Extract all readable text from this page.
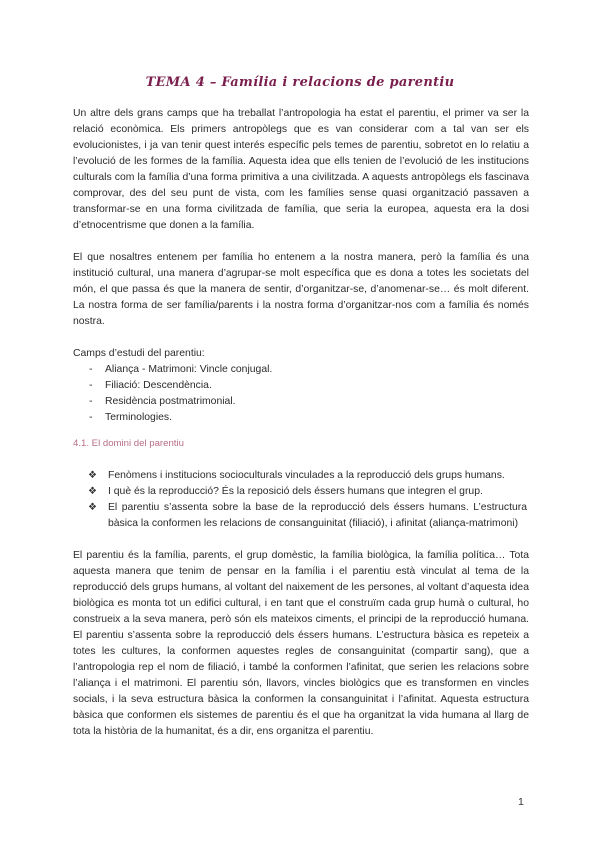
TEMA 4 – Família i relacions de parentiu

Un altre dels grans camps que ha treballat l’antropologia ha estat el parentiu, el primer va ser la relació econòmica. Els primers antropòlegs que es van considerar com a tal van ser els evolucionistes, i ja van tenir quest interés específic pels temes de parentiu, sobretot en lo relatiu a l’evolució de les formes de la família. Aquesta idea que ells tenien de l’evolució de les institucions culturals com la família d’una forma primitiva a una civilitzada. A aquests antropòlegs els fascinava comprovar, des del seu punt de vista, com les famílies sense quasi organització passaven a transformar-se en una forma civilitzada de família, que seria la europea, aquesta era la dosi d’etnocentrisme que donen a la família.

El que nosaltres entenem per família ho entenem a la nostra manera, però la família és una institució cultural, una manera d’agrupar-se molt específica que es dona a totes les societats del món, el que passa és que la manera de sentir, d’organitzar-se, d’anomenar-se… és molt diferent. La nostra forma de ser família/parents i la nostra forma d’organitzar-nos com a família és només nostra.

Camps d’estudi del parentiu:

- Aliança - Matrimoni: Vincle conjugal.
- Filiació: Descendència.
- Residència postmatrimonial.
- Terminologies.
4.1. El domini del parentiu
❖ Fenòmens i institucions socioculturals vinculades a la reproducció dels grups humans.
❖ I què és la reproducció? És la reposició dels éssers humans que integren el grup.
❖ El parentiu s’assenta sobre la base de la reproducció dels éssers humans. L’estructura bàsica la conformen les relacions de consanguinitat (filiació), i afinitat (aliança-matrimoni)

El parentiu és la família, parents, el grup domèstic, la família biològica, la família política… Tota aquesta manera que tenim de pensar en la família i el parentiu està vinculat al tema de la reproducció dels grups humans, al voltant del naixement de les persones, al voltant d’aquesta idea biològica es monta tot un edifici cultural, i en tant que el construïm cada grup humà o cultural, ho construeix a la seva manera, però són els mateixos ciments, el principi de la reproducció humana. El parentiu s’assenta sobre la reproducció dels éssers humans. L’estructura bàsica es repeteix a totes les cultures, la conformen aquestes regles de consanguinitat (compartir sang), que a l’antropologia rep el nom de filiació, i també la conformen l’afinitat, que serien les relacions sobre l’aliança i el matrimoni. El parentiu són, llavors, vincles biològics que es transformen en vincles socials, i la seva estructura bàsica la conformen la consanguinitat i l’afinitat. Aquesta estructura bàsica que conformen els sistemes de parentiu és el que ha organitzat la vida humana al llarg de tota la història de la humanitat, és a dir, ens organitza el parentiu.

1
